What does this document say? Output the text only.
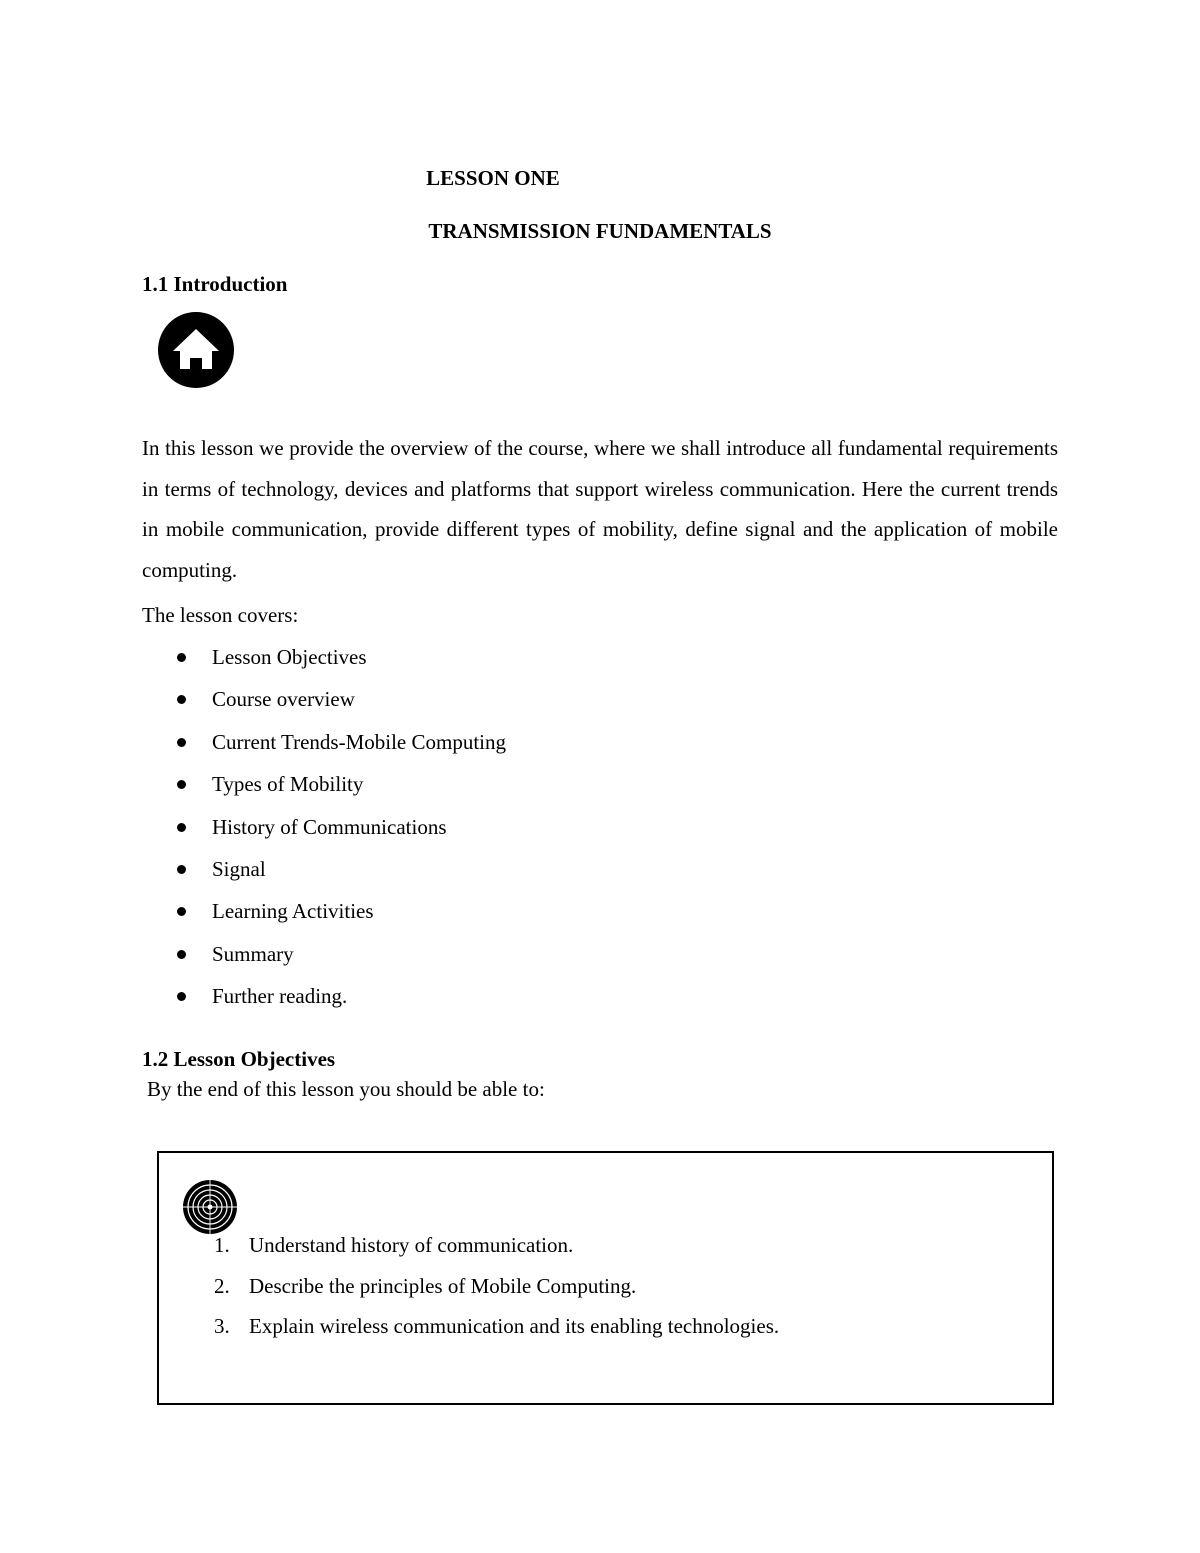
LESSON ONE
TRANSMISSION FUNDAMENTALS
1.1 Introduction

In this lesson we provide the overview of the course, where we shall introduce all fundamental requirements in terms of technology, devices and platforms that support wireless communication. Here the current trends in mobile communication, provide different types of mobility, define signal and the application of mobile computing.

The lesson covers:

Lesson Objectives
Course overview
Current Trends-Mobile Computing
Types of Mobility
History of Communications
Signal
Learning Activities
Summary
Further reading.
1.2 Lesson Objectives

By the end of this lesson you should be able to:

1. Understand history of communication.
2. Describe the principles of Mobile Computing.
3. Explain wireless communication and its enabling technologies.
